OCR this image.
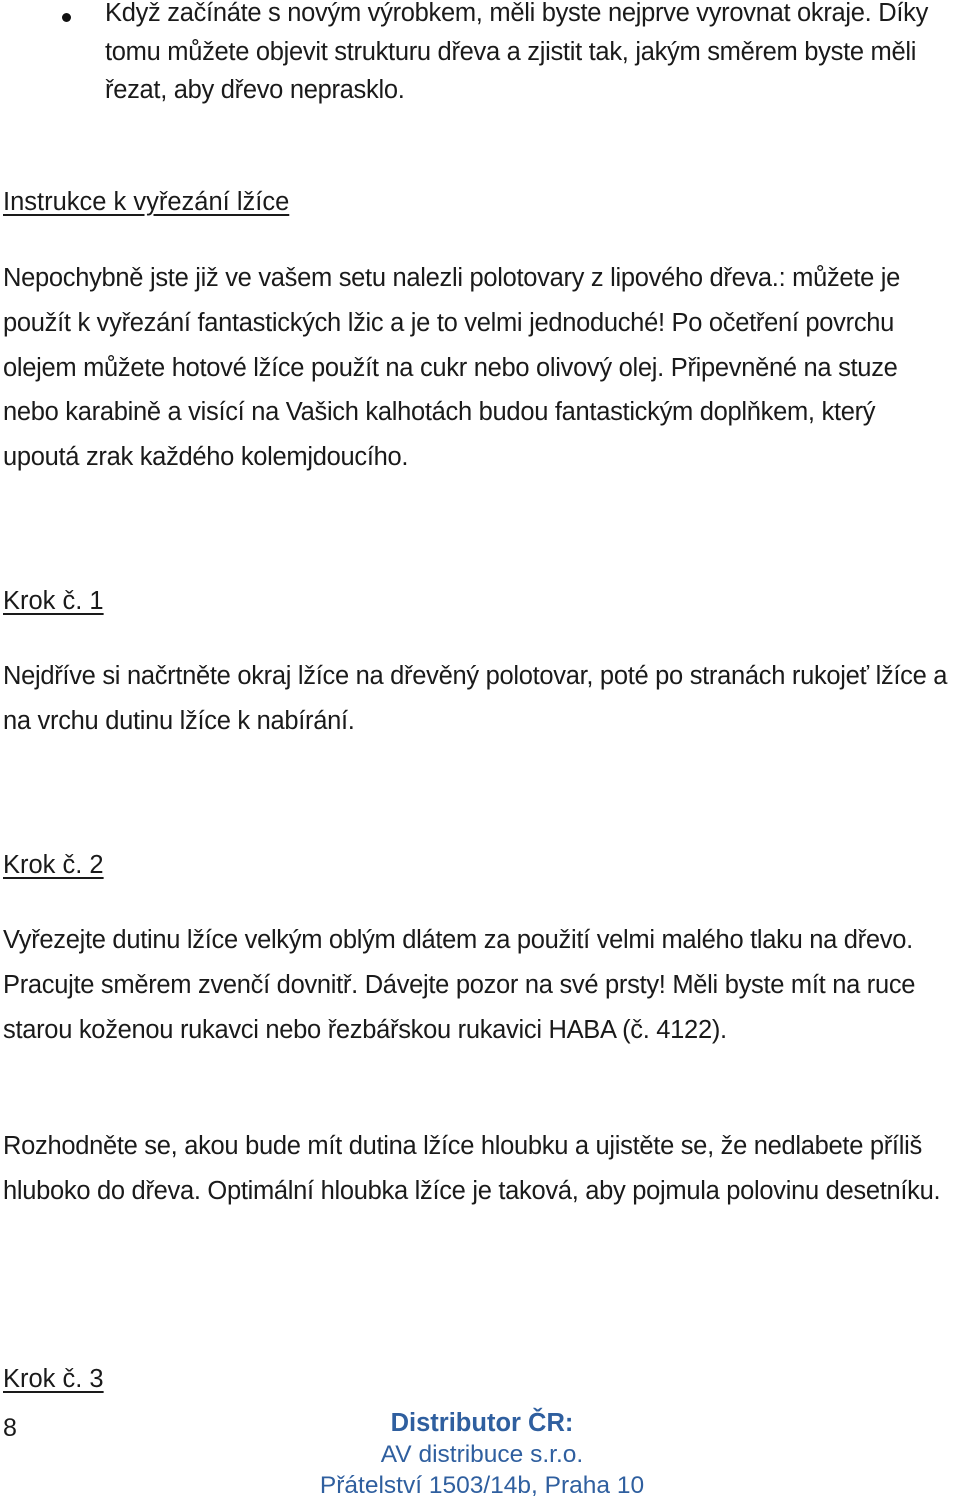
Když začínáte s novým výrobkem, měli byste nejprve vyrovnat okraje. Díky tomu můžete objevit strukturu dřeva a zjistit tak, jakým směrem byste měli řezat, aby dřevo neprasklо.

Instrukce k vyřezání lžíce

Nepochybně jste již ve vašem setu nalezli polotovary z lipového dřeva.: můžete je použít k vyřezání fantastických lžic a je to velmi jednoduché! Po očetření povrchu olejem můžete hotové lžíce použít na cukr nebo olivový olej. Připevněné na stuze nebo karabině a visící na Vašich kalhotách budou fantastickým doplňkem, který upoutá zrak každého kolemjdoucího.

Krok č. 1

Nejdříve si načrtněte okraj lžíce na dřevěný polotovar, poté po stranách rukojeť lžíce a na vrchu dutinu lžíce k nabírání.

Krok č. 2

Vyřezejte dutinu lžíce velkým oblým dlátem za použití velmi malého tlaku na dřevo. Pracujte směrem zvenčí dovnitř. Dávejte pozor na své prsty! Měli byste mít na ruce starou koženou rukavci nebo řezbářskou rukavici HABA (č. 4122).

Rozhodněte se, akou bude mít dutina lžíce hloubku a ujistěte se, že nedlabete příliš hluboko do dřeva. Optimální hloubka lžíce je taková, aby pojmula polovinu desetníku.

Krok č. 3
8	Distributor ČR:
AV distribuce s.r.o.
Přátelství 1503/14b, Praha 10
